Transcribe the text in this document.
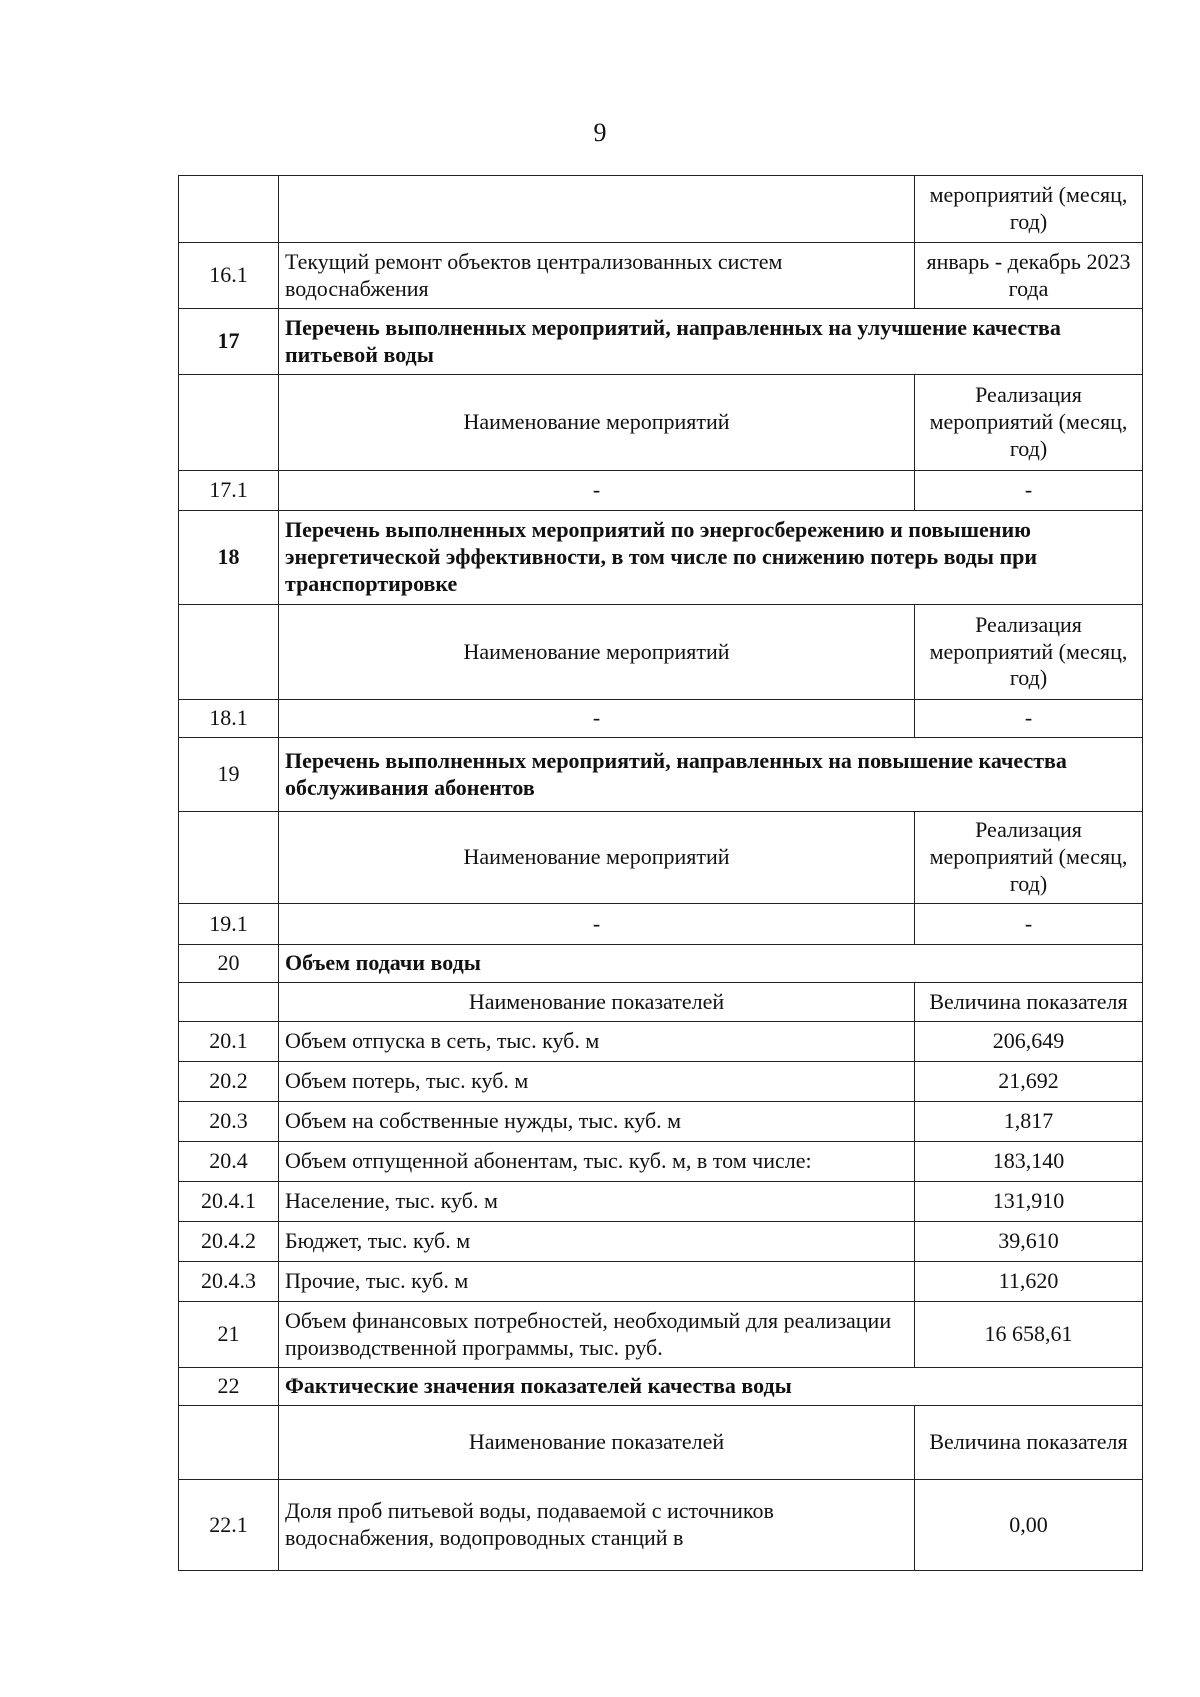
9
		мероприятий (месяц, год)
16.1	Текущий ремонт объектов централизованных систем водоснабжения	январь - декабрь 2023 года
17	Перечень выполненных мероприятий, направленных на улучшение качества питьевой воды	
	Наименование мероприятий	Реализация мероприятий (месяц, год)
17.1	-	-
18	Перечень выполненных мероприятий по энергосбережению и повышению энергетической эффективности, в том числе по снижению потерь воды при транспортировке	
	Наименование мероприятий	Реализация мероприятий (месяц, год)
18.1	-	-
19	Перечень выполненных мероприятий, направленных на повышение качества обслуживания абонентов	
	Наименование мероприятий	Реализация мероприятий (месяц, год)
19.1	-	-
20	Объем подачи воды	
	Наименование показателей	Величина показателя
20.1	Объем отпуска в сеть, тыс. куб. м	206,649
20.2	Объем потерь, тыс. куб. м	21,692
20.3	Объем на собственные нужды, тыс. куб. м	1,817
20.4	Объем отпущенной абонентам, тыс. куб. м, в том числе:	183,140
20.4.1	Население, тыс. куб. м	131,910
20.4.2	Бюджет, тыс. куб. м	39,610
20.4.3	Прочие, тыс. куб. м	11,620
21	Объем финансовых потребностей, необходимый для реализации производственной программы, тыс. руб.	16 658,61
22	Фактические значения показателей качества воды	
	Наименование показателей	Величина показателя
22.1	Доля проб питьевой воды, подаваемой с источников водоснабжения, водопроводных станций в	0,00
